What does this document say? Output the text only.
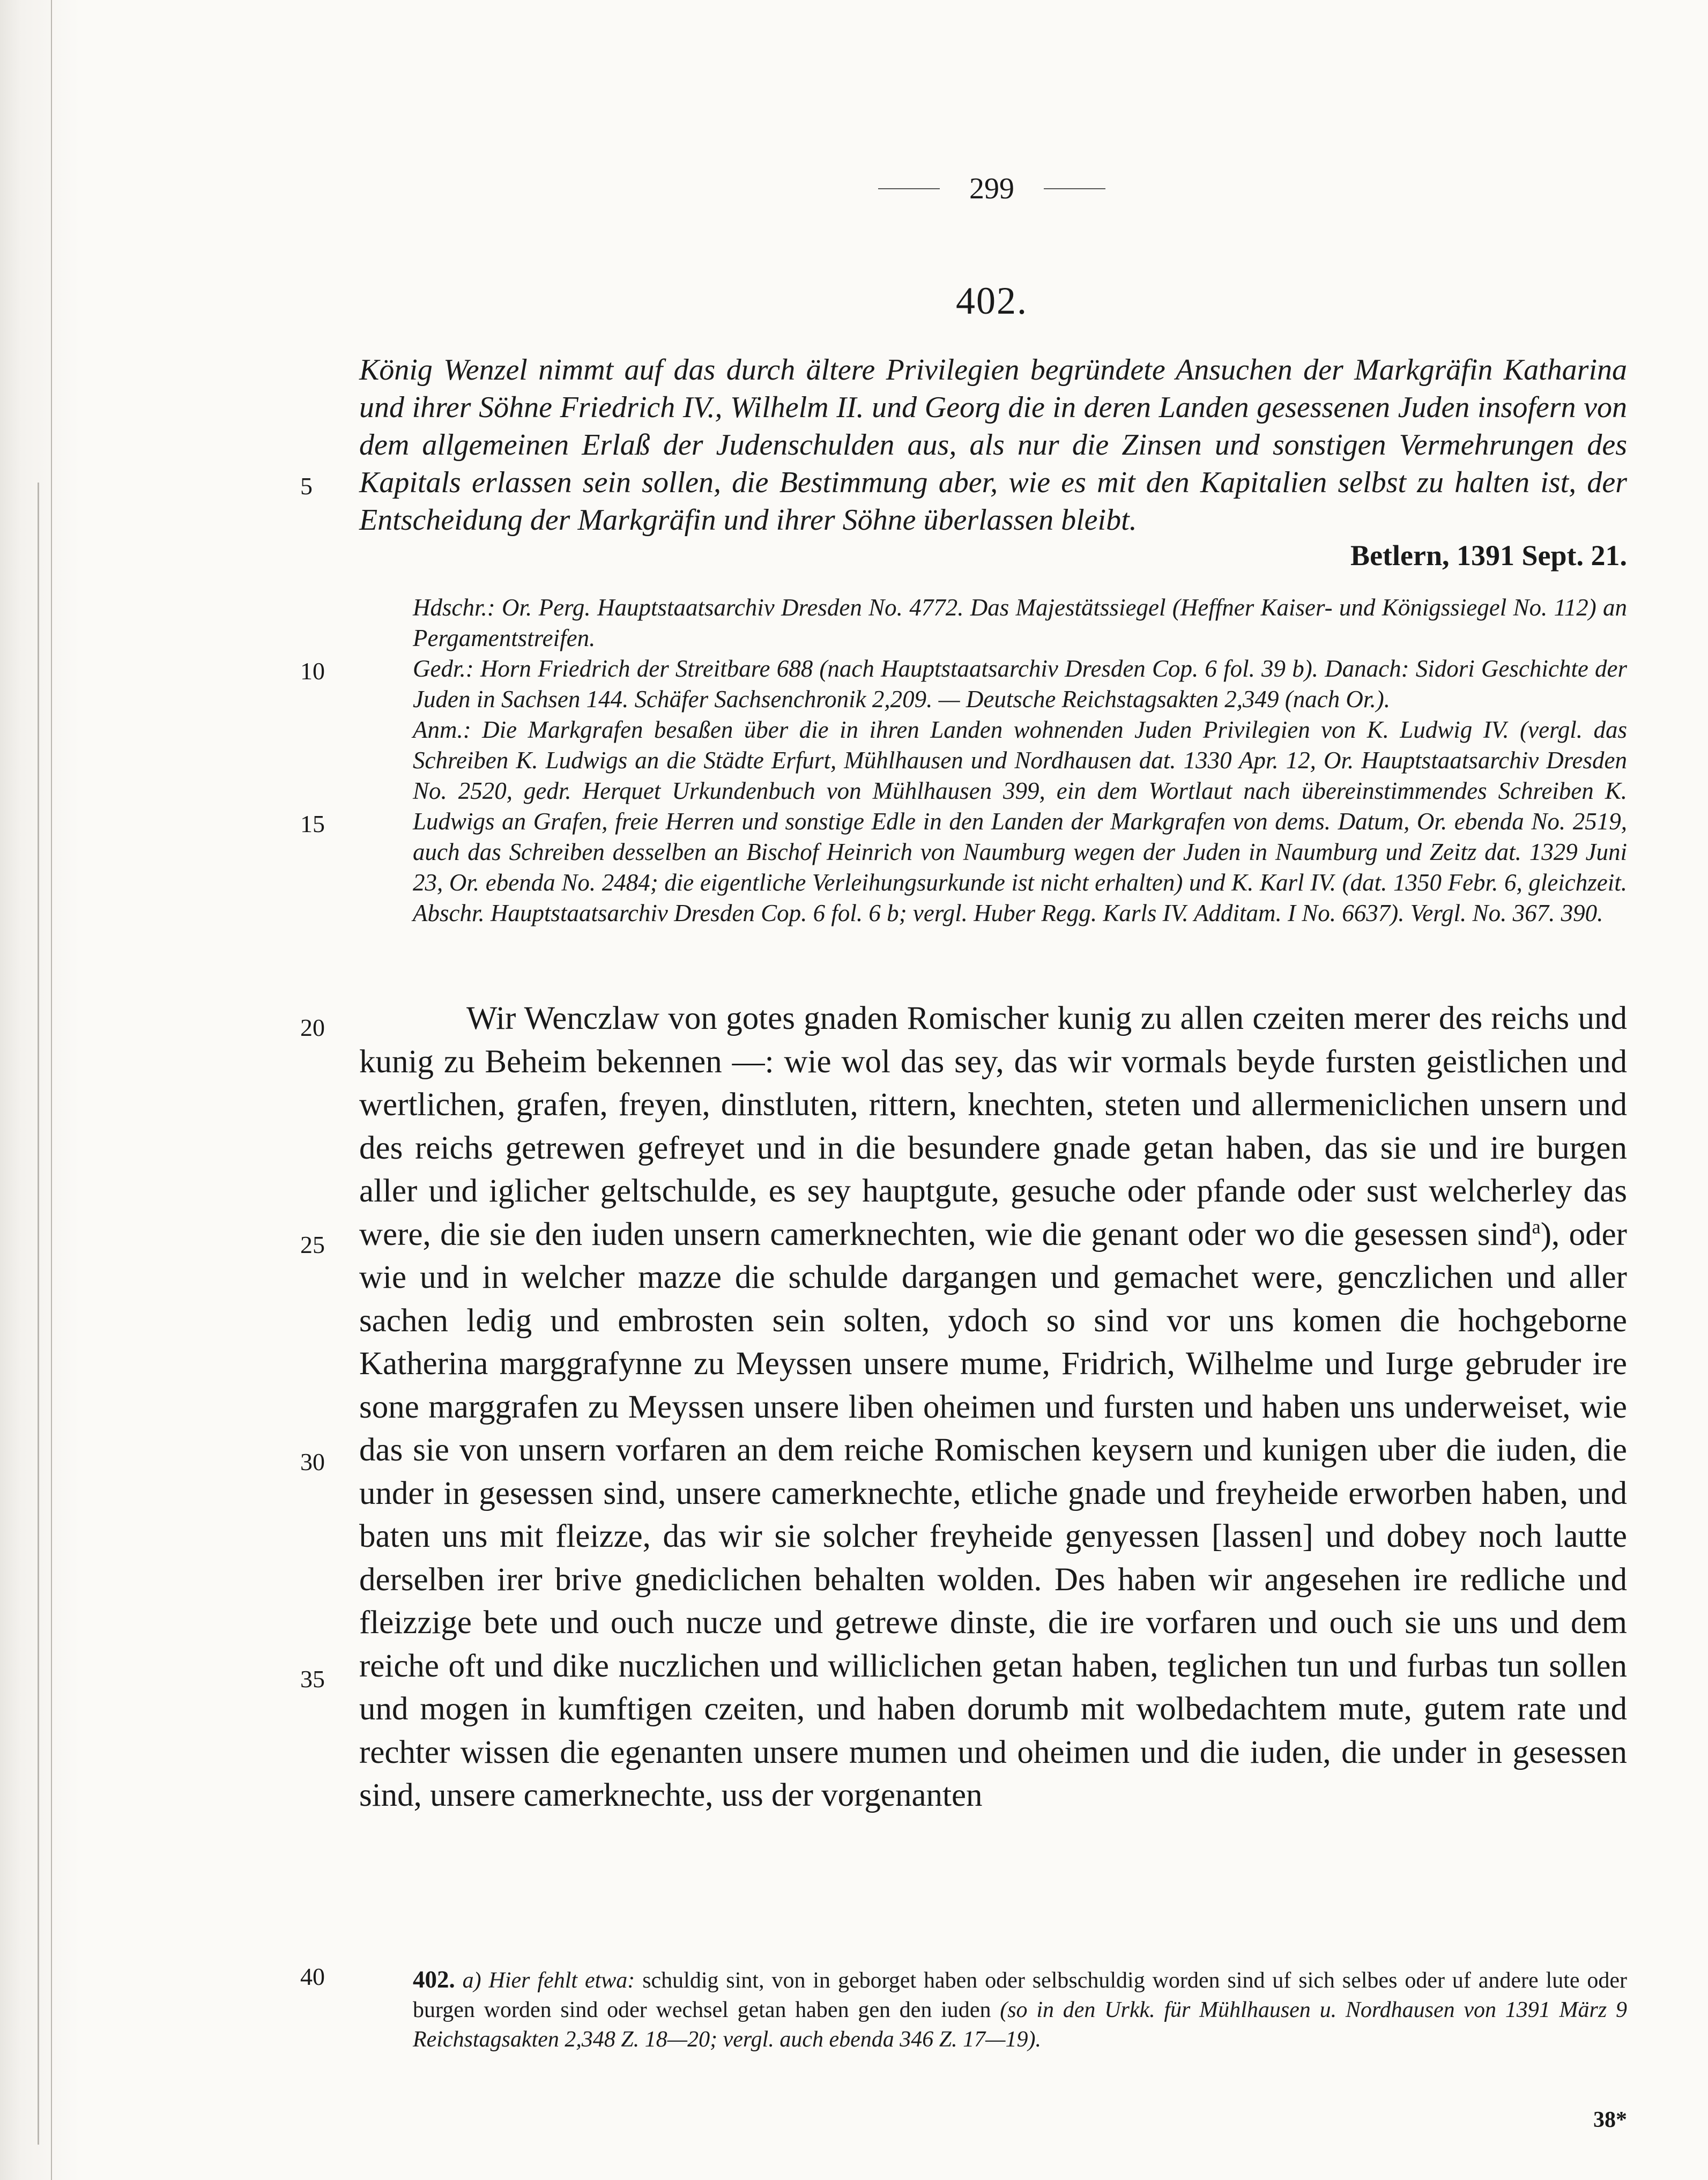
299
402.
König Wenzel nimmt auf das durch ältere Privilegien begründete Ansuchen der Markgräfin Katharina und ihrer Söhne Friedrich IV., Wilhelm II. und Georg die in deren Landen gesessenen Juden insofern von dem allgemeinen Erlaß der Judenschulden aus, als nur die Zinsen und sonstigen Vermehrungen des Kapitals erlassen sein sollen, die Bestimmung aber, wie es mit den Kapitalien selbst zu halten ist, der Entscheidung der Markgräfin und ihrer Söhne überlassen bleibt.
Betlern, 1391 Sept. 21.

Hdschr.: Or. Perg. Hauptstaatsarchiv Dresden No. 4772. Das Majestätssiegel (Heffner Kaiser- und Königssiegel No. 112) an Pergamentstreifen.

Gedr.: Horn Friedrich der Streitbare 688 (nach Hauptstaatsarchiv Dresden Cop. 6 fol. 39 b). Danach: Sidori Geschichte der Juden in Sachsen 144. Schäfer Sachsenchronik 2,209. — Deutsche Reichstagsakten 2,349 (nach Or.).

Anm.: Die Markgrafen besaßen über die in ihren Landen wohnenden Juden Privilegien von K. Ludwig IV. (vergl. das Schreiben K. Ludwigs an die Städte Erfurt, Mühlhausen und Nordhausen dat. 1330 Apr. 12, Or. Hauptstaatsarchiv Dresden No. 2520, gedr. Herquet Urkundenbuch von Mühlhausen 399, ein dem Wortlaut nach übereinstimmendes Schreiben K. Ludwigs an Grafen, freie Herren und sonstige Edle in den Landen der Markgrafen von dems. Datum, Or. ebenda No. 2519, auch das Schreiben desselben an Bischof Heinrich von Naumburg wegen der Juden in Naumburg und Zeitz dat. 1329 Juni 23, Or. ebenda No. 2484; die eigentliche Verleihungsurkunde ist nicht erhalten) und K. Karl IV. (dat. 1350 Febr. 6, gleichzeit. Abschr. Hauptstaatsarchiv Dresden Cop. 6 fol. 6 b; vergl. Huber Regg. Karls IV. Additam. I No. 6637). Vergl. No. 367. 390.

Wir Wenczlaw von gotes gnaden Romischer kunig zu allen czeiten merer des reichs und kunig zu Beheim bekennen —: wie wol das sey, das wir vormals beyde fursten geistlichen und wertlichen, grafen, freyen, dinstluten, rittern, knechten, steten und allermeniclichen unsern und des reichs getrewen gefreyet und in die besundere gnade getan haben, das sie und ire burgen aller und iglicher geltschulde, es sey hauptgute, gesuche oder pfande oder sust welcherley das were, die sie den iuden unsern camerknechten, wie die genant oder wo die gesessen sind$^a$), oder wie und in welcher mazze die schulde dargangen und gemachet were, genczlichen und aller sachen ledig und embrosten sein solten, ydoch so sind vor uns komen die hochgeborne Katherina marggrafynne zu Meyssen unsere mume, Fridrich, Wilhelme und Iurge gebruder ire sone marggrafen zu Meyssen unsere liben oheimen und fursten und haben uns underweiset, wie das sie von unsern vorfaren an dem reiche Romischen keysern und kunigen uber die iuden, die under in gesessen sind, unsere camerknechte, etliche gnade und freyheide erworben haben, und baten uns mit fleizze, das wir sie solcher freyheide genyessen [lassen] und dobey noch lautte derselben irer brive gnediclichen behalten wolden. Des haben wir angesehen ire redliche und fleizzige bete und ouch nucze und getrewe dinste, die ire vorfaren und ouch sie uns und dem reiche oft und dike nuczlichen und williclichen getan haben, teglichen tun und furbas tun sollen und mogen in kumftigen czeiten, und haben dorumb mit wolbedachtem mute, gutem rate und rechter wissen die egenanten unsere mumen und oheimen und die iuden, die under in gesessen sind, unsere camerknechte, uss der vorgenanten
402. a) Hier fehlt etwa: schuldig sint, von in geborget haben oder selbschuldig worden sind uf sich selbes oder uf andere lute oder burgen worden sind oder wechsel getan haben gen den iuden (so in den Urkk. für Mühlhausen u. Nordhausen von 1391 März 9 Reichstagsakten 2,348 Z. 18—20; vergl. auch ebenda 346 Z. 17—19).
38*
5
10
15
20
25
30
35
40
